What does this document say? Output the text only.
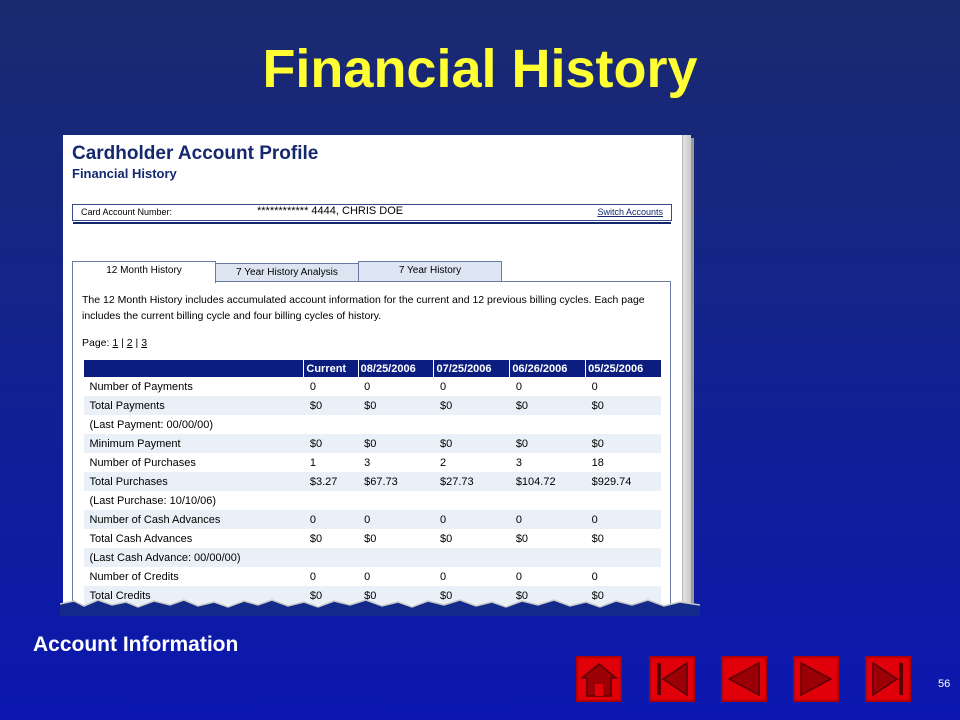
Financial History
Cardholder Account Profile
Financial History
Card Account Number:	************ 4444, CHRIS DOE	Switch Accounts
12 Month History	7 Year History Analysis	7 Year History
The 12 Month History includes accumulated account information for the current and 12 previous billing cycles. Each page includes the current billing cycle and four billing cycles of history.
Page: 1 | 2 | 3
	Current	08/25/2006	07/25/2006	06/26/2006	05/25/2006
Number of Payments	0	0	0	0	0
Total Payments	$0	$0	$0	$0	$0
(Last Payment: 00/00/00)					
Minimum Payment	$0	$0	$0	$0	$0
Number of Purchases	1	3	2	3	18
Total Purchases	$3.27	$67.73	$27.73	$104.72	$929.74
(Last Purchase: 10/10/06)					
Number of Cash Advances	0	0	0	0	0
Total Cash Advances	$0	$0	$0	$0	$0
(Last Cash Advance: 00/00/00)					
Number of Credits	0	0	0	0	0
Total Credits	$0	$0	$0	$0	$0
Account Information
56
